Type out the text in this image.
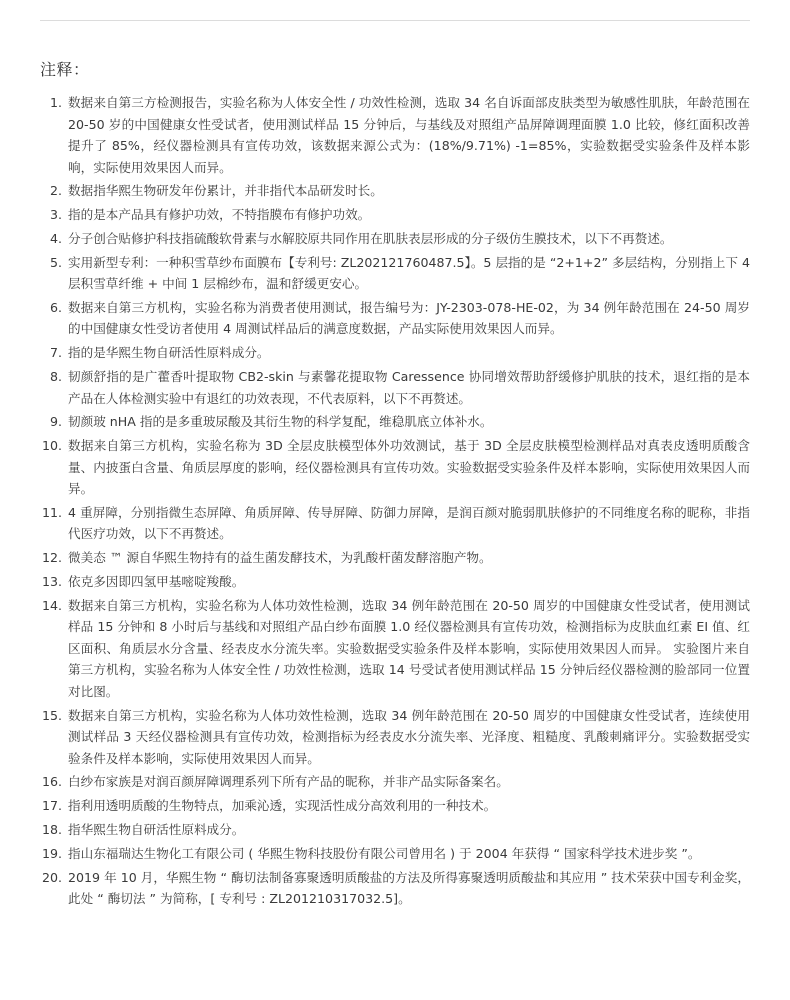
注释：
1. 数据来自第三方检测报告，实验名称为人体安全性 / 功效性检测，选取 34 名自诉面部皮肤类型为敏感性肌肤，年龄范围在 20-50 岁的中国健康女性受试者，使用测试样品 15 分钟后，与基线及对照组产品屏障调理面膜 1.0 比较，修红面积改善提升了 85%，经仪器检测具有宣传功效，该数据来源公式为：(18%/9.71%) -1=85%，实验数据受实验条件及样本影响，实际使用效果因人而异。
2. 数据指华熙生物研发年份累计，并非指代本品研发时长。
3. 指的是本产品具有修护功效，不特指膜布有修护功效。
4. 分子创合贴修护科技指硫酸软骨素与水解胶原共同作用在肌肤表层形成的分子级仿生膜技术，以下不再赘述。
5. 实用新型专利：一种积雪草纱布面膜布【专利号: ZL202121760487.5】。5 层指的是 “2+1+2” 多层结构，分别指上下 4 层积雪草纤维 + 中间 1 层棉纱布，温和舒缓更安心。
6. 数据来自第三方机构，实验名称为消费者使用测试，报告编号为：JY-2303-078-HE-02，为 34 例年龄范围在 24-50 周岁的中国健康女性受访者使用 4 周测试样品后的满意度数据，产品实际使用效果因人而异。
7. 指的是华熙生物自研活性原料成分。
8. 韧颜舒指的是广藿香叶提取物 CB2-skin 与素馨花提取物 Caressence 协同增效帮助舒缓修护肌肤的技术，退红指的是本产品在人体检测实验中有退红的功效表现，不代表原料，以下不再赘述。
9. 韧颜玻 nHA 指的是多重玻尿酸及其衍生物的科学复配，维稳肌底立体补水。
10. 数据来自第三方机构，实验名称为 3D 全层皮肤模型体外功效测试，基于 3D 全层皮肤模型检测样品对真表皮透明质酸含量、内披蛋白含量、角质层厚度的影响，经仪器检测具有宣传功效。实验数据受实验条件及样本影响，实际使用效果因人而异。
11. 4 重屏障，分别指微生态屏障、角质屏障、传导屏障、防御力屏障，是润百颜对脆弱肌肤修护的不同维度名称的昵称，非指代医疗功效，以下不再赘述。
12. 微美态 ™ 源自华熙生物持有的益生菌发酵技术，为乳酸杆菌发酵溶胞产物。
13. 依克多因即四氢甲基嘧啶羧酸。
14. 数据来自第三方机构，实验名称为人体功效性检测，选取 34 例年龄范围在 20-50 周岁的中国健康女性受试者，使用测试样品 15 分钟和 8 小时后与基线和对照组产品白纱布面膜 1.0 经仪器检测具有宣传功效，检测指标为皮肤血红素 EI 值、红区面积、角质层水分含量、经表皮水分流失率。实验数据受实验条件及样本影响，实际使用效果因人而异。 实验图片来自第三方机构，实验名称为人体安全性 / 功效性检测，选取 14 号受试者使用测试样品 15 分钟后经仪器检测的脸部同一位置对比图。
15. 数据来自第三方机构，实验名称为人体功效性检测，选取 34 例年龄范围在 20-50 周岁的中国健康女性受试者，连续使用测试样品 3 天经仪器检测具有宣传功效，检测指标为经表皮水分流失率、光泽度、粗糙度、乳酸刺痛评分。实验数据受实验条件及样本影响，实际使用效果因人而异。
16. 白纱布家族是对润百颜屏障调理系列下所有产品的昵称，并非产品实际备案名。
17. 指利用透明质酸的生物特点，加乘沁透，实现活性成分高效利用的一种技术。
18. 指华熙生物自研活性原料成分。
19. 指山东福瑞达生物化工有限公司 ( 华熙生物科技股份有限公司曾用名 ) 于 2004 年获得 “ 国家科学技术进步奖 ”。
20. 2019 年 10 月，华熙生物 “ 酶切法制备寡聚透明质酸盐的方法及所得寡聚透明质酸盐和其应用 ” 技术荣获中国专利金奖，此处 “ 酶切法 ” 为简称，[ 专利号 : ZL201210317032.5]。
